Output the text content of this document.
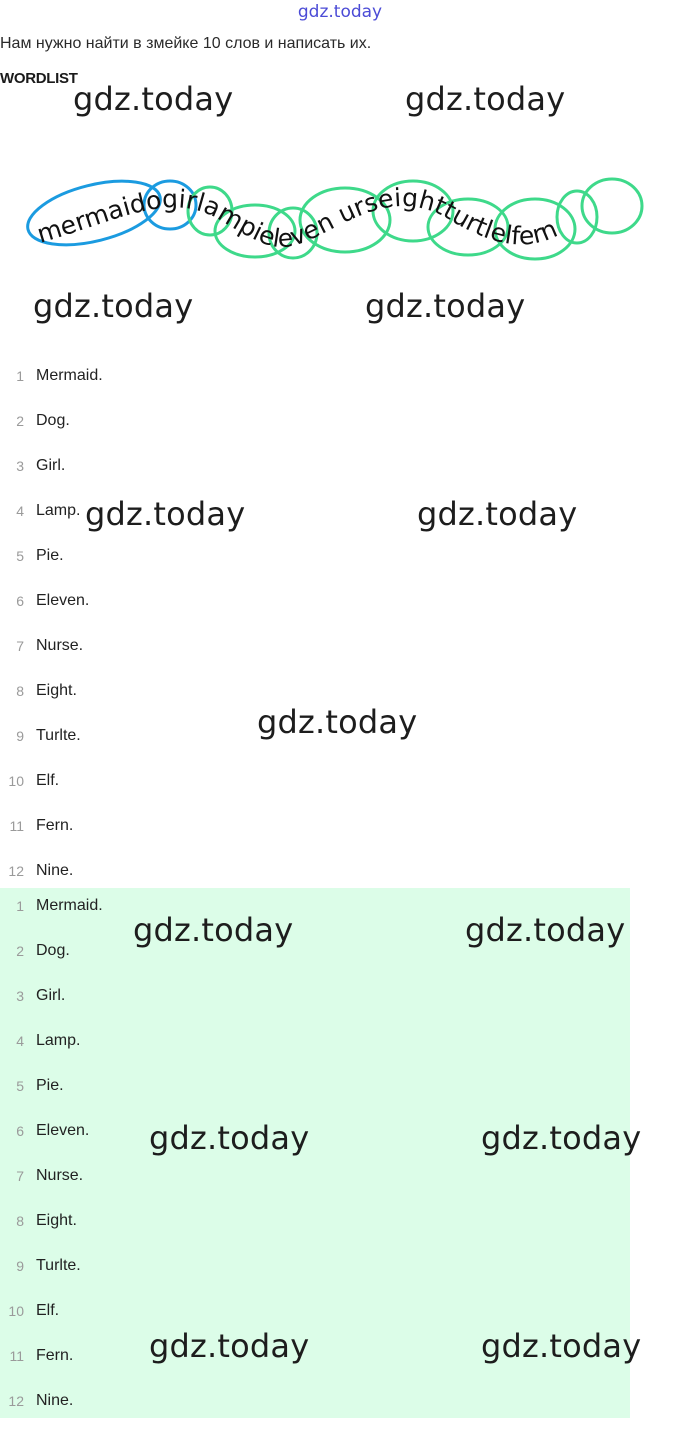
gdz.today
Нам нужно найти в змейке 10 слов и написать их.
WORDLIST
mermaidogirlampieleven urseightturtlelfern
1 Mermaid.
2 Dog.
3 Girl.
4 Lamp.
5 Pie.
6 Eleven.
7 Nurse.
8 Eight.
9 Turlte.
10 Elf.
11 Fern.
12 Nine.
1 Mermaid.
2 Dog.
3 Girl.
4 Lamp.
5 Pie.
6 Eleven.
7 Nurse.
8 Eight.
9 Turlte.
10 Elf.
11 Fern.
12 Nine.
gdz.today	gdz.today
gdz.today	gdz.today
gdz.today	gdz.today
gdz.today
gdz.today	gdz.today
gdz.today	gdz.today
gdz.today	gdz.today
